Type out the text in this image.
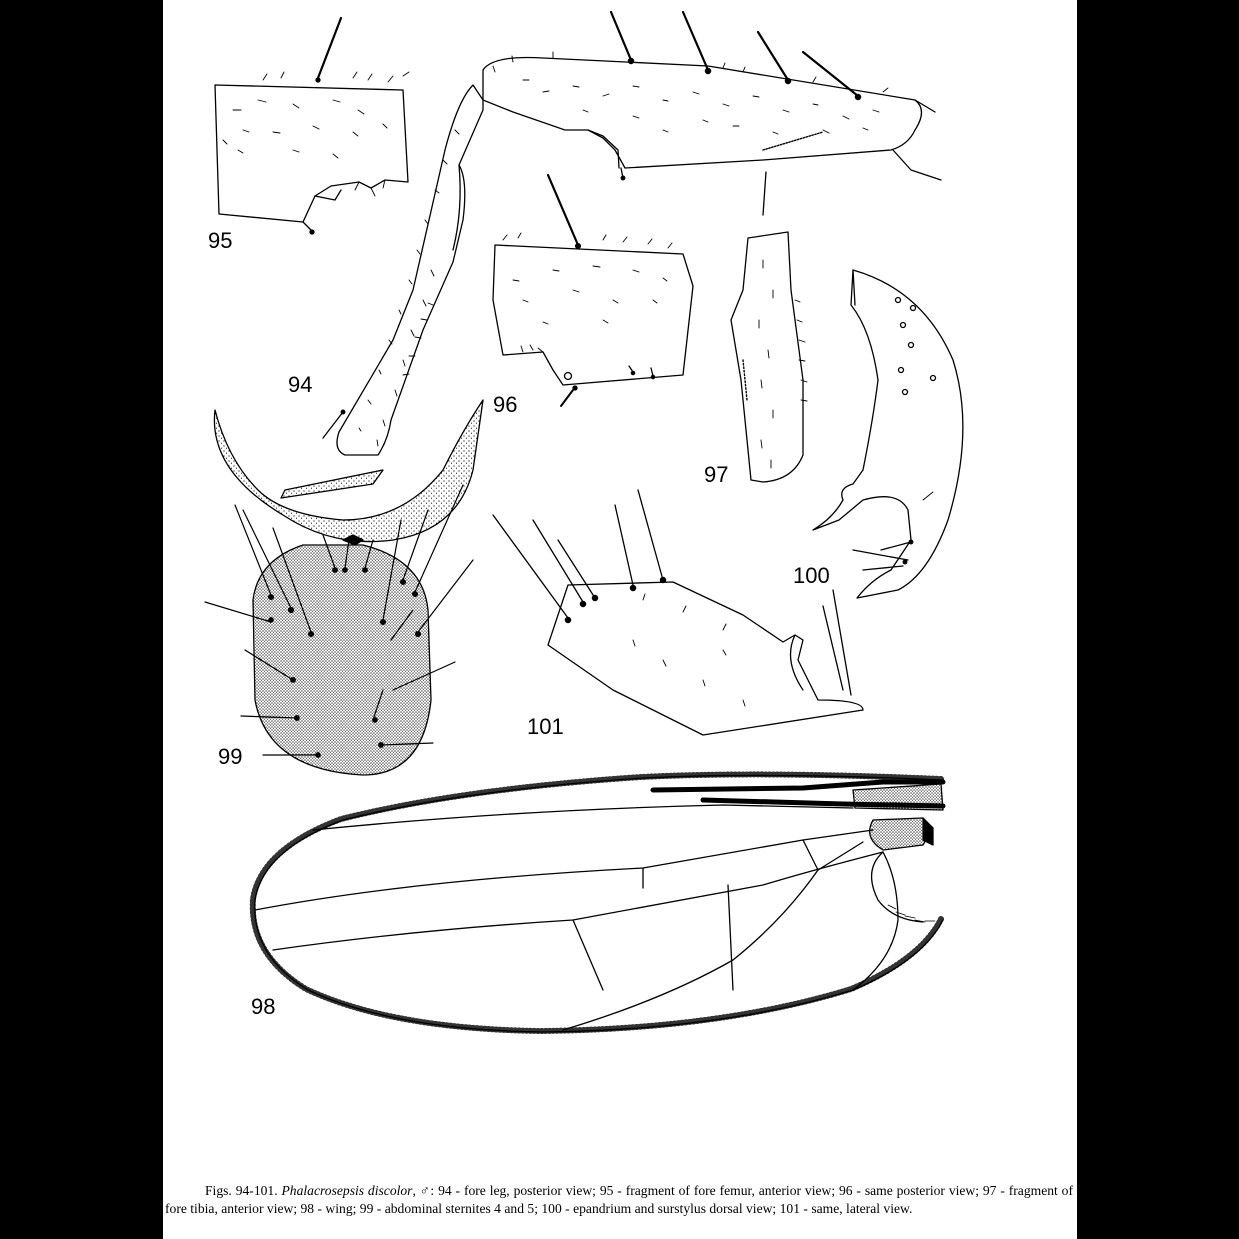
95
94
96
97
100
101
99
98
Figs. 94-101. Phalacrosepsis discolor, ♂: 94 - fore leg, posterior view; 95 - fragment of fore femur, anterior view; 96 - same posterior view; 97 - fragment of fore tibia, anterior view; 98 - wing; 99 - abdominal sternites 4 and 5; 100 - epandrium and surstylus dorsal view; 101 - same, lateral view.
